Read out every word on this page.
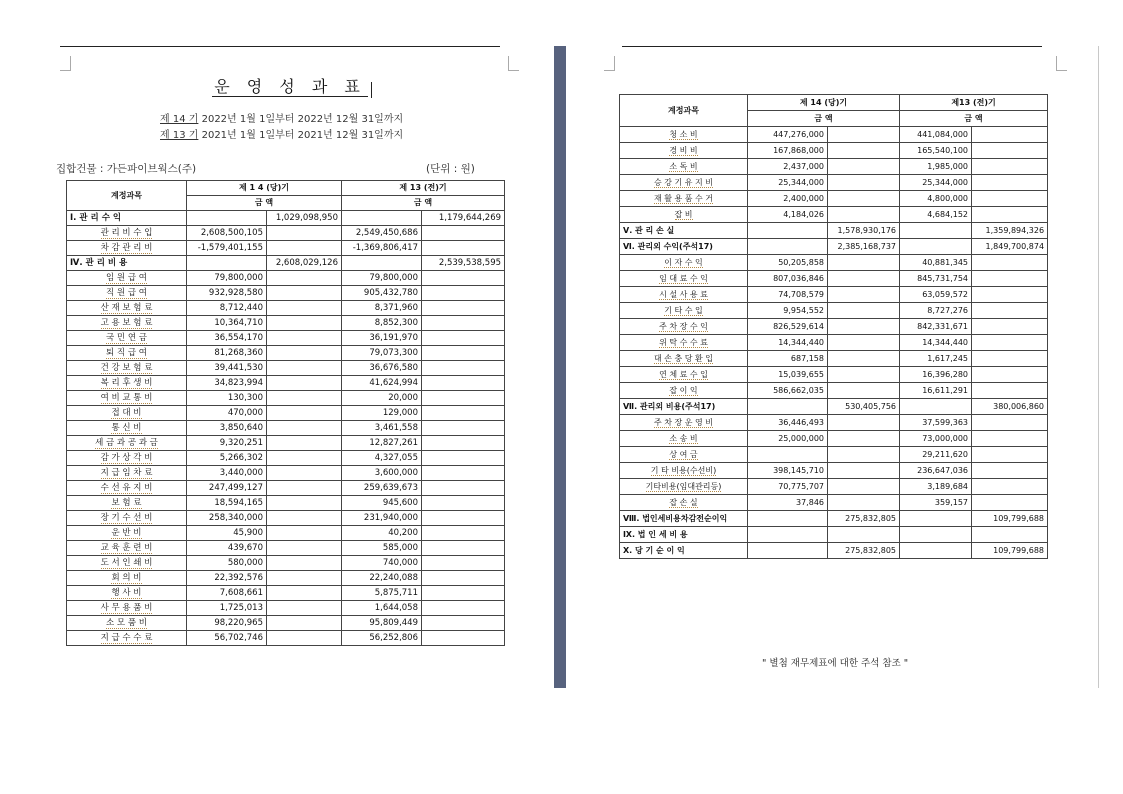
운 영 성 과 표
제 14 기 2022년 1월 1일부터 2022년 12월 31일까지
제 13 기 2021년 1월 1일부터 2021년 12월 31일까지
집합건물 : 가든파이브웍스(주)	(단위 : 원)
계정과목	제 1 4 (당)기		제 13 (전)기	
	금 액		금 액	
Ⅰ. 관 리 수 익		1,029,098,950		1,179,644,269
관 리 비 수 입	2,608,500,105		2,549,450,686	
차 감 관 리 비	-1,579,401,155		-1,369,806,417	
Ⅳ. 관 리 비 용		2,608,029,126		2,539,538,595
임 원 급 여	79,800,000		79,800,000	
직 원 급 여	932,928,580		905,432,780	
산 재 보 험 료	8,712,440		8,371,960	
고 용 보 험 료	10,364,710		8,852,300	
국 민 연 금	36,554,170		36,191,970	
퇴 직 급 여	81,268,360		79,073,300	
건 강 보 험 료	39,441,530		36,676,580	
복 리 후 생 비	34,823,994		41,624,994	
여 비 교 통 비	130,300		20,000	
접 대 비	470,000		129,000	
통 신 비	3,850,640		3,461,558	
세 금 과 공 과 금	9,320,251		12,827,261	
감 가 상 각 비	5,266,302		4,327,055	
지 급 임 차 료	3,440,000		3,600,000	
수 선 유 지 비	247,499,127		259,639,673	
보 험 료	18,594,165		945,600	
장 기 수 선 비	258,340,000		231,940,000	
운 반 비	45,900		40,200	
교 육 훈 련 비	439,670		585,000	
도 서 인 쇄 비	580,000		740,000	
회 의 비	22,392,576		22,240,088	
행 사 비	7,608,661		5,875,711	
사 무 용 품 비	1,725,013		1,644,058	
소 모 품 비	98,220,965		95,809,449	
지 급 수 수 료	56,702,746		56,252,806	
계정과목	제 14 (당)기		제13 (전)기	
	금 액		금 액	
청 소 비	447,276,000		441,084,000	
경 비 비	167,868,000		165,540,100	
소 독 비	2,437,000		1,985,000	
승 강 기 유 지 비	25,344,000		25,344,000	
재 활 용 품 수 거	2,400,000		4,800,000	
잡 비	4,184,026		4,684,152	
Ⅴ. 관 리 손 실		1,578,930,176		1,359,894,326
Ⅵ. 관리외 수익(주석17)		2,385,168,737		1,849,700,874
이 자 수 익	50,205,858		40,881,345	
임 대 료 수 익	807,036,846		845,731,754	
시 설 사 용 료	74,708,579		63,059,572	
기 타 수 입	9,954,552		8,727,276	
주 차 장 수 익	826,529,614		842,331,671	
위 탁 수 수 료	14,344,440		14,344,440	
대 손 충 당 환 입	687,158		1,617,245	
연 체 료 수 입	15,039,655		16,396,280	
잡 이 익	586,662,035		16,611,291	
Ⅶ. 관리외 비용(주석17)		530,405,756		380,006,860
주 차 장 운 영 비	36,446,493		37,599,363	
소 송 비	25,000,000		73,000,000	
상 여 금			29,211,620	
기 타 비용(수선비)	398,145,710		236,647,036	
기타비용(임대관리등)	70,775,707		3,189,684	
잡 손 실	37,846		359,157	
Ⅷ. 법인세비용차감전순이익		275,832,805		109,799,688
Ⅸ. 법 인 세 비 용				
Ⅹ. 당 기 순 이 익		275,832,805		109,799,688
" 별첨 재무제표에 대한 주석 참조 "
